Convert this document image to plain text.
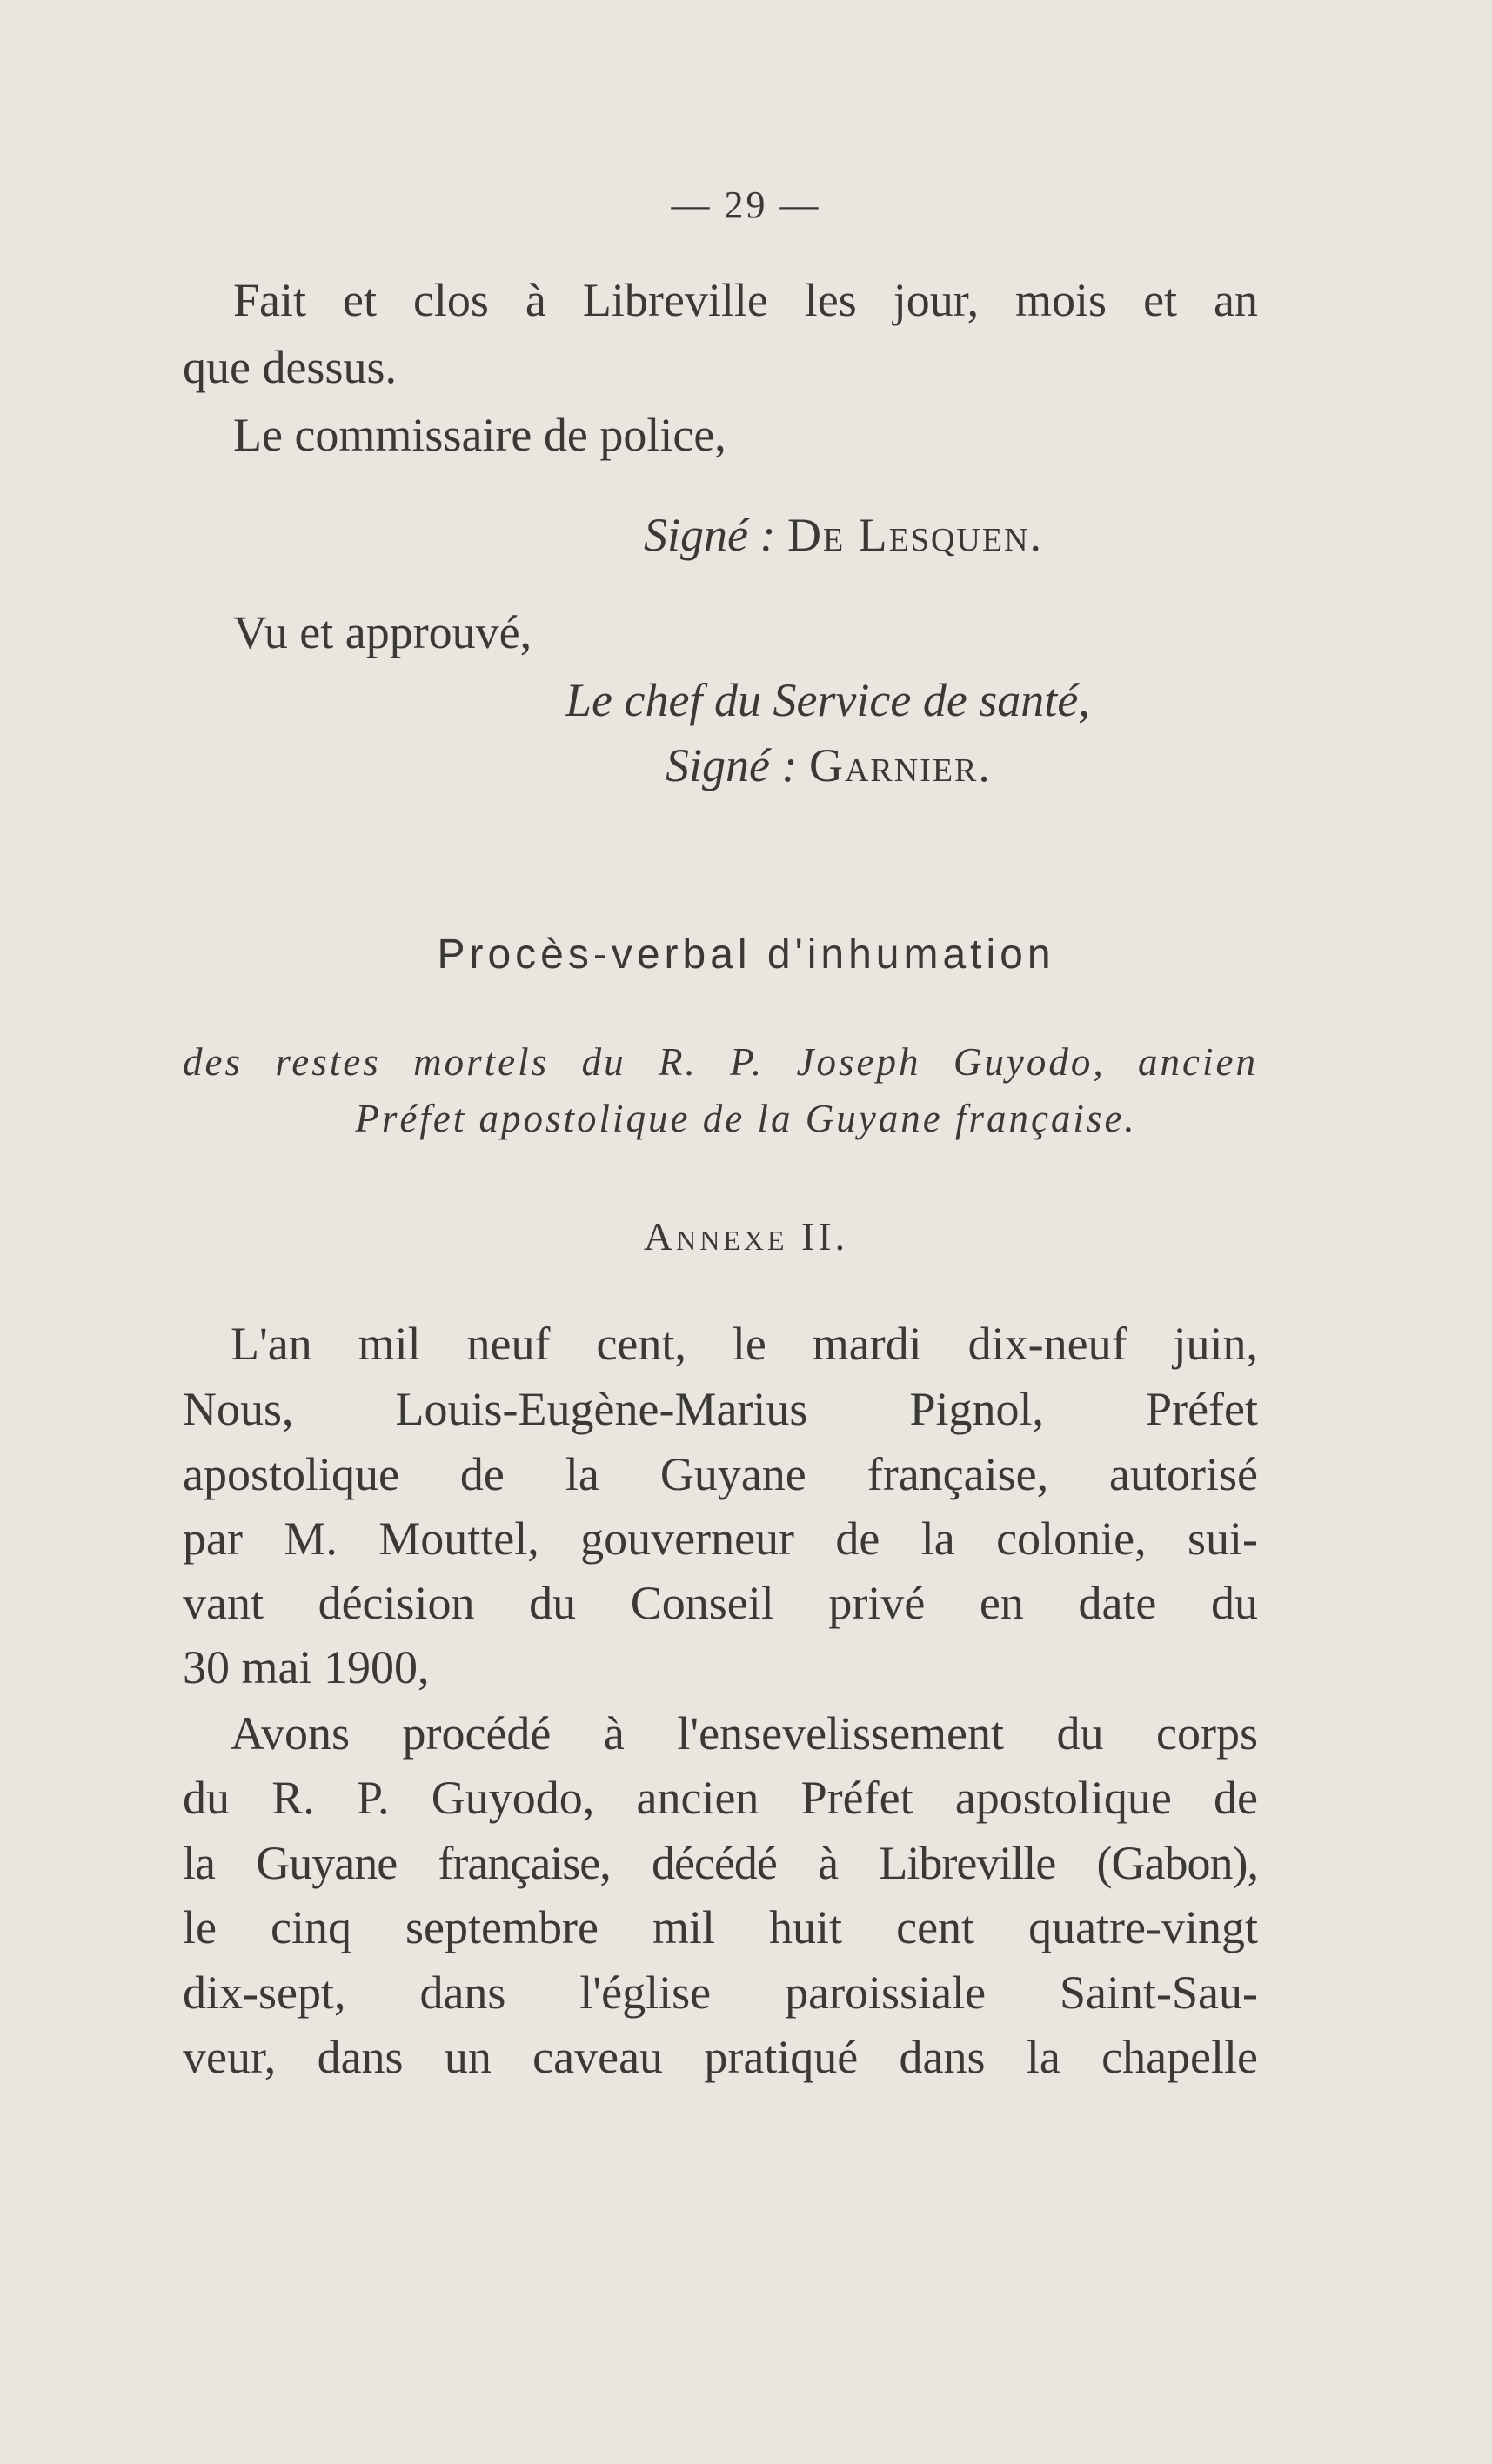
— 29 —
Fait et clos à Libreville les jour, mois et an
que dessus.
Le commissaire de police,
Signé : De Lesquen.
Vu et approuvé,
Le chef du Service de santé,
Signé : Garnier.
Procès-verbal d'inhumation
des restes mortels du R. P. Joseph Guyodo, ancien
Préfet apostolique de la Guyane française.
Annexe II.
L'an mil neuf cent, le mardi dix-neuf juin,
Nous, Louis-Eugène-Marius Pignol, Préfet
apostolique de la Guyane française, autorisé
par M. Mouttel, gouverneur de la colonie, sui-
vant décision du Conseil privé en date du
30 mai 1900,
Avons procédé à l'ensevelissement du corps
du R. P. Guyodo, ancien Préfet apostolique de
la Guyane française, décédé à Libreville (Gabon),
le cinq septembre mil huit cent quatre-vingt
dix-sept, dans l'église paroissiale Saint-Sau-
veur, dans un caveau pratiqué dans la chapelle
